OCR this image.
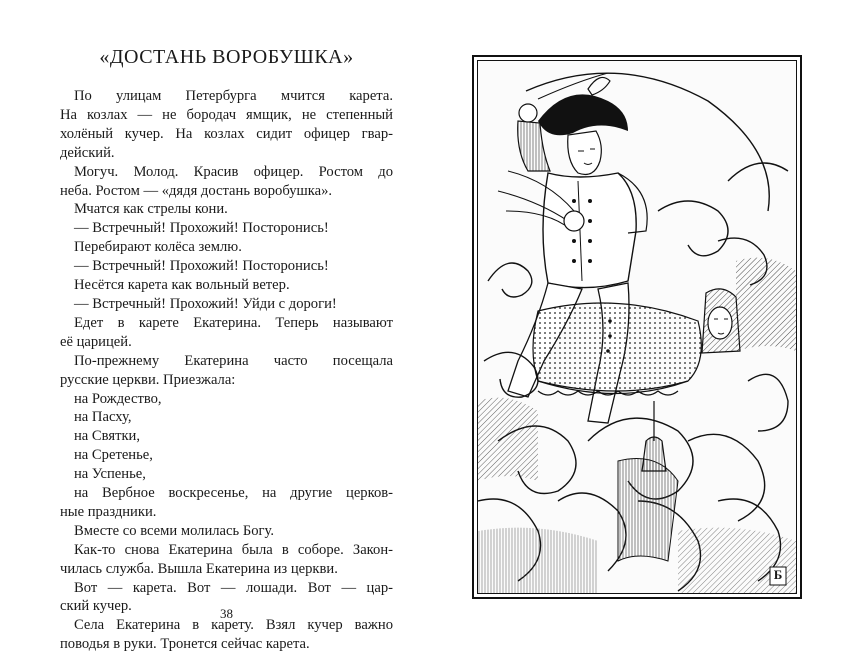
«ДОСТАНЬ ВОРОБУШКА»
По улицам Петербурга мчится карета.
На козлах — не бородач ямщик, не степенный
холёный кучер. На козлах сидит офицер гвар-
дейский.
Могуч. Молод. Красив офицер. Ростом до
неба. Ростом — «дядя достань воробушка».
Мчатся как стрелы кони.
— Встречный! Прохожий! Посторонись!
Перебирают колёса землю.
— Встречный! Прохожий! Посторонись!
Несётся карета как вольный ветер.
— Встречный! Прохожий! Уйди с дороги!
Едет в карете Екатерина. Теперь называют
её царицей.
По-прежнему Екатерина часто посещала
русские церкви. Приезжала:
на Рождество,
на Пасху,
на Святки,
на Сретенье,
на Успенье,
на Вербное воскресенье, на другие церков-
ные праздники.
Вместе со всеми молилась Богу.
Как-то снова Екатерина была в соборе. Закон-
чилась служба. Вышла Екатерина из церкви.
Вот — карета. Вот — лошади. Вот — цар-
ский кучер.
Села Екатерина в карету. Взял кучер важно
поводья в руки. Тронется сейчас карета.
38
Б
